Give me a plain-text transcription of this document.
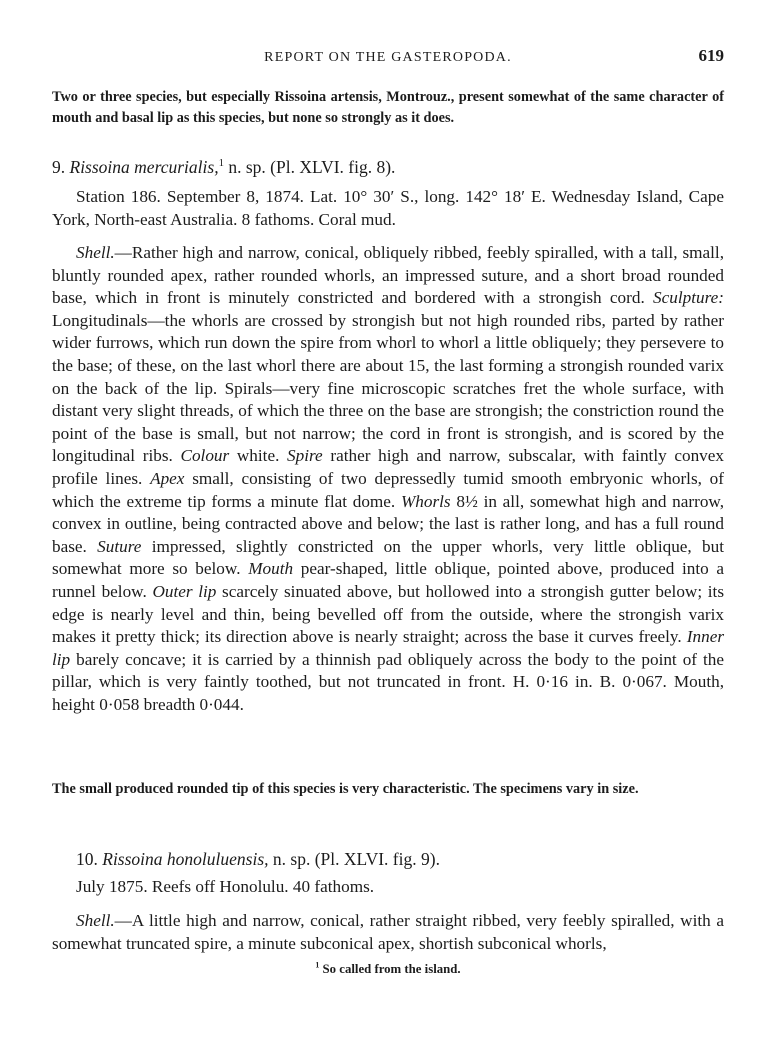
REPORT ON THE GASTEROPODA.	619

Two or three species, but especially Rissoina artensis, Montrouz., present somewhat of the same character of mouth and basal lip as this species, but none so strongly as it does.

9. Rissoina mercurialis,$^1$ n. sp. (Pl. XLVI. fig. 8).

Station 186. September 8, 1874. Lat. 10° 30′ S., long. 142° 18′ E. Wednesday Island, Cape York, North-east Australia. 8 fathoms. Coral mud.

Shell.—Rather high and narrow, conical, obliquely ribbed, feebly spiralled, with a tall, small, bluntly rounded apex, rather rounded whorls, an impressed suture, and a short broad rounded base, which in front is minutely constricted and bordered with a strongish cord. Sculpture: Longitudinals—the whorls are crossed by strongish but not high rounded ribs, parted by rather wider furrows, which run down the spire from whorl to whorl a little obliquely; they persevere to the base; of these, on the last whorl there are about 15, the last forming a strongish rounded varix on the back of the lip. Spirals—very fine microscopic scratches fret the whole surface, with distant very slight threads, of which the three on the base are strongish; the constriction round the point of the base is small, but not narrow; the cord in front is strongish, and is scored by the longitudinal ribs. Colour white. Spire rather high and narrow, subscalar, with faintly convex profile lines. Apex small, consisting of two depressedly tumid smooth embryonic whorls, of which the extreme tip forms a minute flat dome. Whorls 8½ in all, somewhat high and narrow, convex in outline, being contracted above and below; the last is rather long, and has a full round base. Suture impressed, slightly constricted on the upper whorls, very little oblique, but somewhat more so below. Mouth pear-shaped, little oblique, pointed above, produced into a runnel below. Outer lip scarcely sinuated above, but hollowed into a strongish gutter below; its edge is nearly level and thin, being bevelled off from the outside, where the strongish varix makes it pretty thick; its direction above is nearly straight; across the base it curves freely. Inner lip barely concave; it is carried by a thinnish pad obliquely across the body to the point of the pillar, which is very faintly toothed, but not truncated in front. H. 0·16 in. B. 0·067. Mouth, height 0·058 breadth 0·044.

The small produced rounded tip of this species is very characteristic. The specimens vary in size.

10. Rissoina honoluluensis, n. sp. (Pl. XLVI. fig. 9).

July 1875. Reefs off Honolulu. 40 fathoms.

Shell.—A little high and narrow, conical, rather straight ribbed, very feebly spiralled, with a somewhat truncated spire, a minute subconical apex, shortish subconical whorls,

$^1$ So called from the island.
